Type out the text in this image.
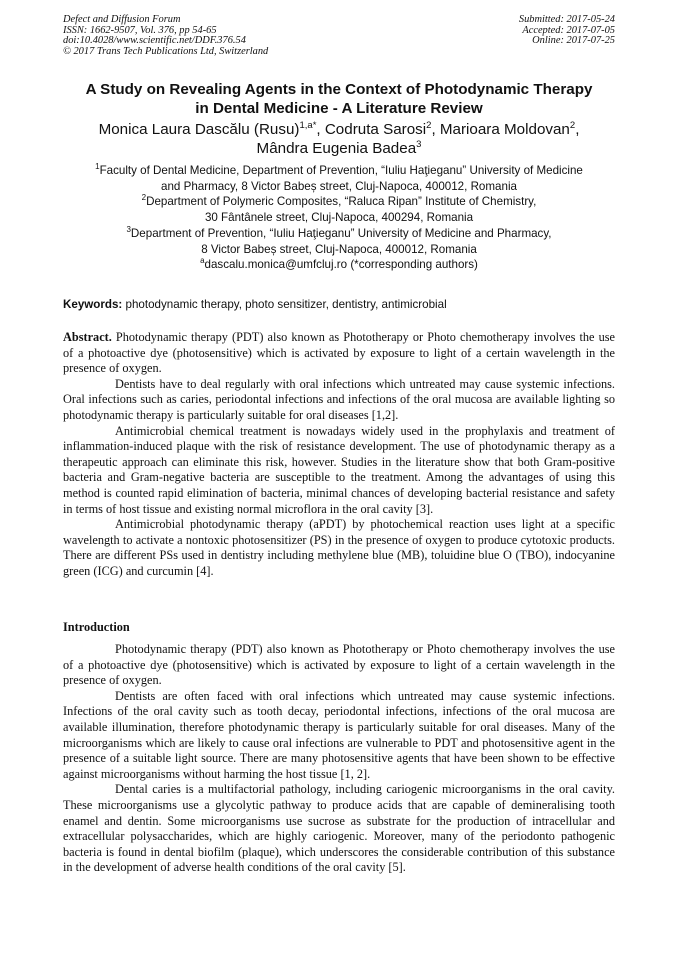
Defect and Diffusion Forum
ISSN: 1662-9507, Vol. 376, pp 54-65
doi:10.4028/www.scientific.net/DDF.376.54
© 2017 Trans Tech Publications Ltd, Switzerland
Submitted: 2017-05-24
Accepted: 2017-07-05
Online: 2017-07-25
A Study on Revealing Agents in the Context of Photodynamic Therapy
in Dental Medicine - A Literature Review
Monica Laura Dascălu (Rusu)$^{1,a*}$, Codruta Sarosi$^2$, Marioara Moldovan$^2$,
Mândra Eugenia Badea$^3$
$^1$Faculty of Dental Medicine, Department of Prevention, “Iuliu Haţieganu” University of Medicine
and Pharmacy, 8 Victor Babeș street, Cluj-Napoca, 400012, Romania
$^2$Department of Polymeric Composites, “Raluca Ripan” Institute of Chemistry,
30 Fântânele street, Cluj-Napoca, 400294, Romania
$^3$Department of Prevention, “Iuliu Haţieganu” University of Medicine and Pharmacy,
8 Victor Babeș street, Cluj-Napoca, 400012, Romania
$^a$dascalu.monica@umfcluj.ro (*corresponding authors)
Keywords: photodynamic therapy, photo sensitizer, dentistry, antimicrobial

Abstract. Photodynamic therapy (PDT) also known as Phototherapy or Photo chemotherapy involves the use of a photoactive dye (photosensitive) which is activated by exposure to light of a certain wavelength in the presence of oxygen.

Dentists have to deal regularly with oral infections which untreated may cause systemic infections. Oral infections such as caries, periodontal infections and infections of the oral mucosa are available lighting so photodynamic therapy is particularly suitable for oral diseases [1,2].

Antimicrobial chemical treatment is nowadays widely used in the prophylaxis and treatment of inflammation-induced plaque with the risk of resistance development. The use of photodynamic therapy as a therapeutic approach can eliminate this risk, however. Studies in the literature show that both Gram-positive bacteria and Gram-negative bacteria are susceptible to the treatment. Among the advantages of using this method is counted rapid elimination of bacteria, minimal chances of developing bacterial resistance and safety in terms of host tissue and existing normal microflora in the oral cavity [3].

Antimicrobial photodynamic therapy (aPDT) by photochemical reaction uses light at a specific wavelength to activate a nontoxic photosensitizer (PS) in the presence of oxygen to produce cytotoxic products. There are different PSs used in dentistry including methylene blue (MB), toluidine blue O (TBO), indocyanine green (ICG) and curcumin [4].

Introduction

Photodynamic therapy (PDT) also known as Phototherapy or Photo chemotherapy involves the use of a photoactive dye (photosensitive) which is activated by exposure to light of a certain wavelength in the presence of oxygen.

Dentists are often faced with oral infections which untreated may cause systemic infections. Infections of the oral cavity such as tooth decay, periodontal infections, infections of the oral mucosa are available illumination, therefore photodynamic therapy is particularly suitable for oral diseases. Many of the microorganisms which are likely to cause oral infections are vulnerable to PDT and photosensitive agent in the presence of a suitable light source. There are many photosensitive agents that have been shown to be effective against microorganisms without harming the host tissue [1, 2].

Dental caries is a multifactorial pathology, including cariogenic microorganisms in the oral cavity. These microorganisms use a glycolytic pathway to produce acids that are capable of demineralising tooth enamel and dentin. Some microorganisms use sucrose as substrate for the production of intracellular and extracellular polysaccharides, which are highly cariogenic. Moreover, many of the periodonto pathogenic bacteria is found in dental biofilm (plaque), which underscores the considerable contribution of this substance in the development of adverse health conditions of the oral cavity [5].
